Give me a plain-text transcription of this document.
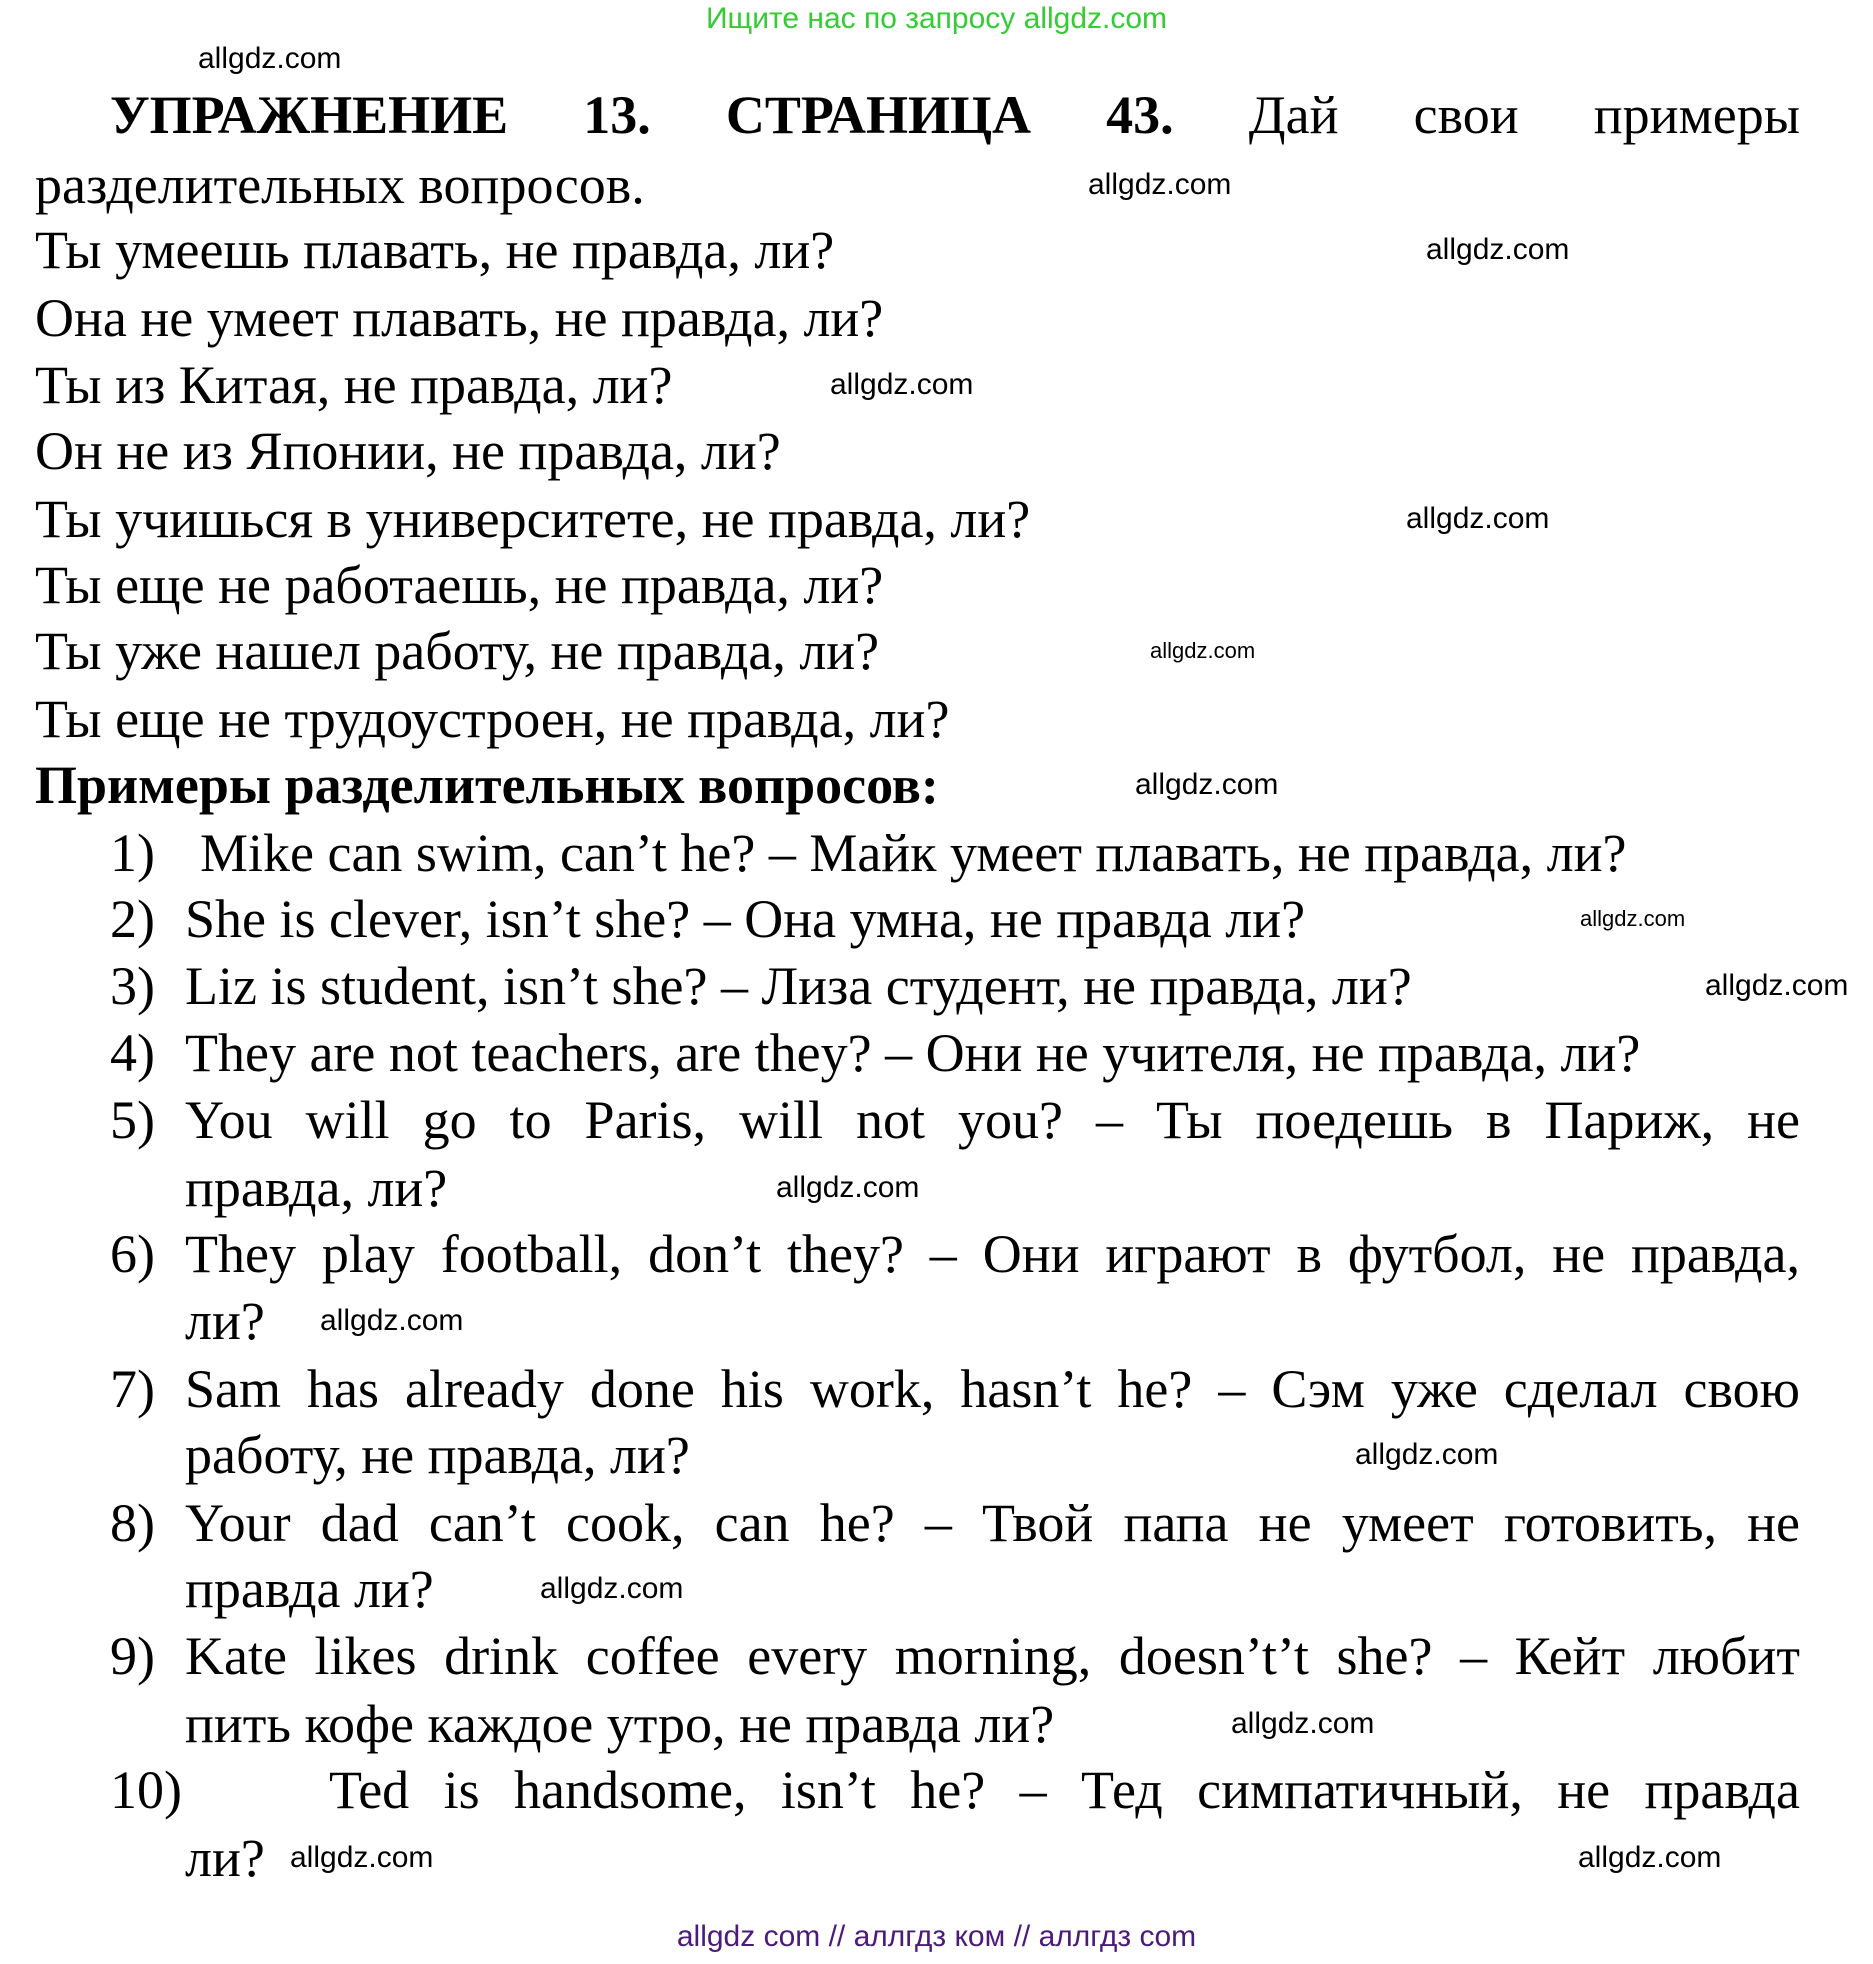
Ищите нас по запросу allgdz.com
УПРАЖНЕНИЕ 13. СТРАНИЦА 43. Дай свои примеры
разделительных вопросов.
Ты умеешь плавать, не правда, ли?
Она не умеет плавать, не правда, ли?
Ты из Китая, не правда, ли?
Он не из Японии, не правда, ли?
Ты учишься в университете, не правда, ли?
Ты еще не работаешь, не правда, ли?
Ты уже нашел работу, не правда, ли?
Ты еще не трудоустроен, не правда, ли?
Примеры разделительных вопросов:
1) Mike can swim, can’t he? – Майк умеет плавать, не правда, ли?
2) She is clever, isn’t she? – Она умна, не правда ли?
3) Liz is student, isn’t she? – Лиза студент, не правда, ли?
4) They are not teachers, are they? – Они не учителя, не правда, ли?
5) You will go to Paris, will not you? – Ты поедешь в Париж, не
правда, ли?
6) They play football, don’t they? – Они играют в футбол, не правда,
ли?
7) Sam has already done his work, hasn’t he? – Сэм уже сделал свою
работу, не правда, ли?
8) Your dad can’t cook, can he? – Твой папа не умеет готовить, не
правда ли?
9) Kate likes drink coffee every morning, doesn’t’t she? – Кейт любит
пить кофе каждое утро, не правда ли?
10)	Ted is handsome, isn’t he? – Тед симпатичный, не правда
ли?
allgdz.com
allgdz.com
allgdz.com
allgdz.com
allgdz.com
allgdz.com
allgdz.com
allgdz.com
allgdz.com
allgdz.com
allgdz.com
allgdz.com
allgdz.com
allgdz.com
allgdz.com
allgdz.com
allgdz com // аллгдз ком // аллгдз com
